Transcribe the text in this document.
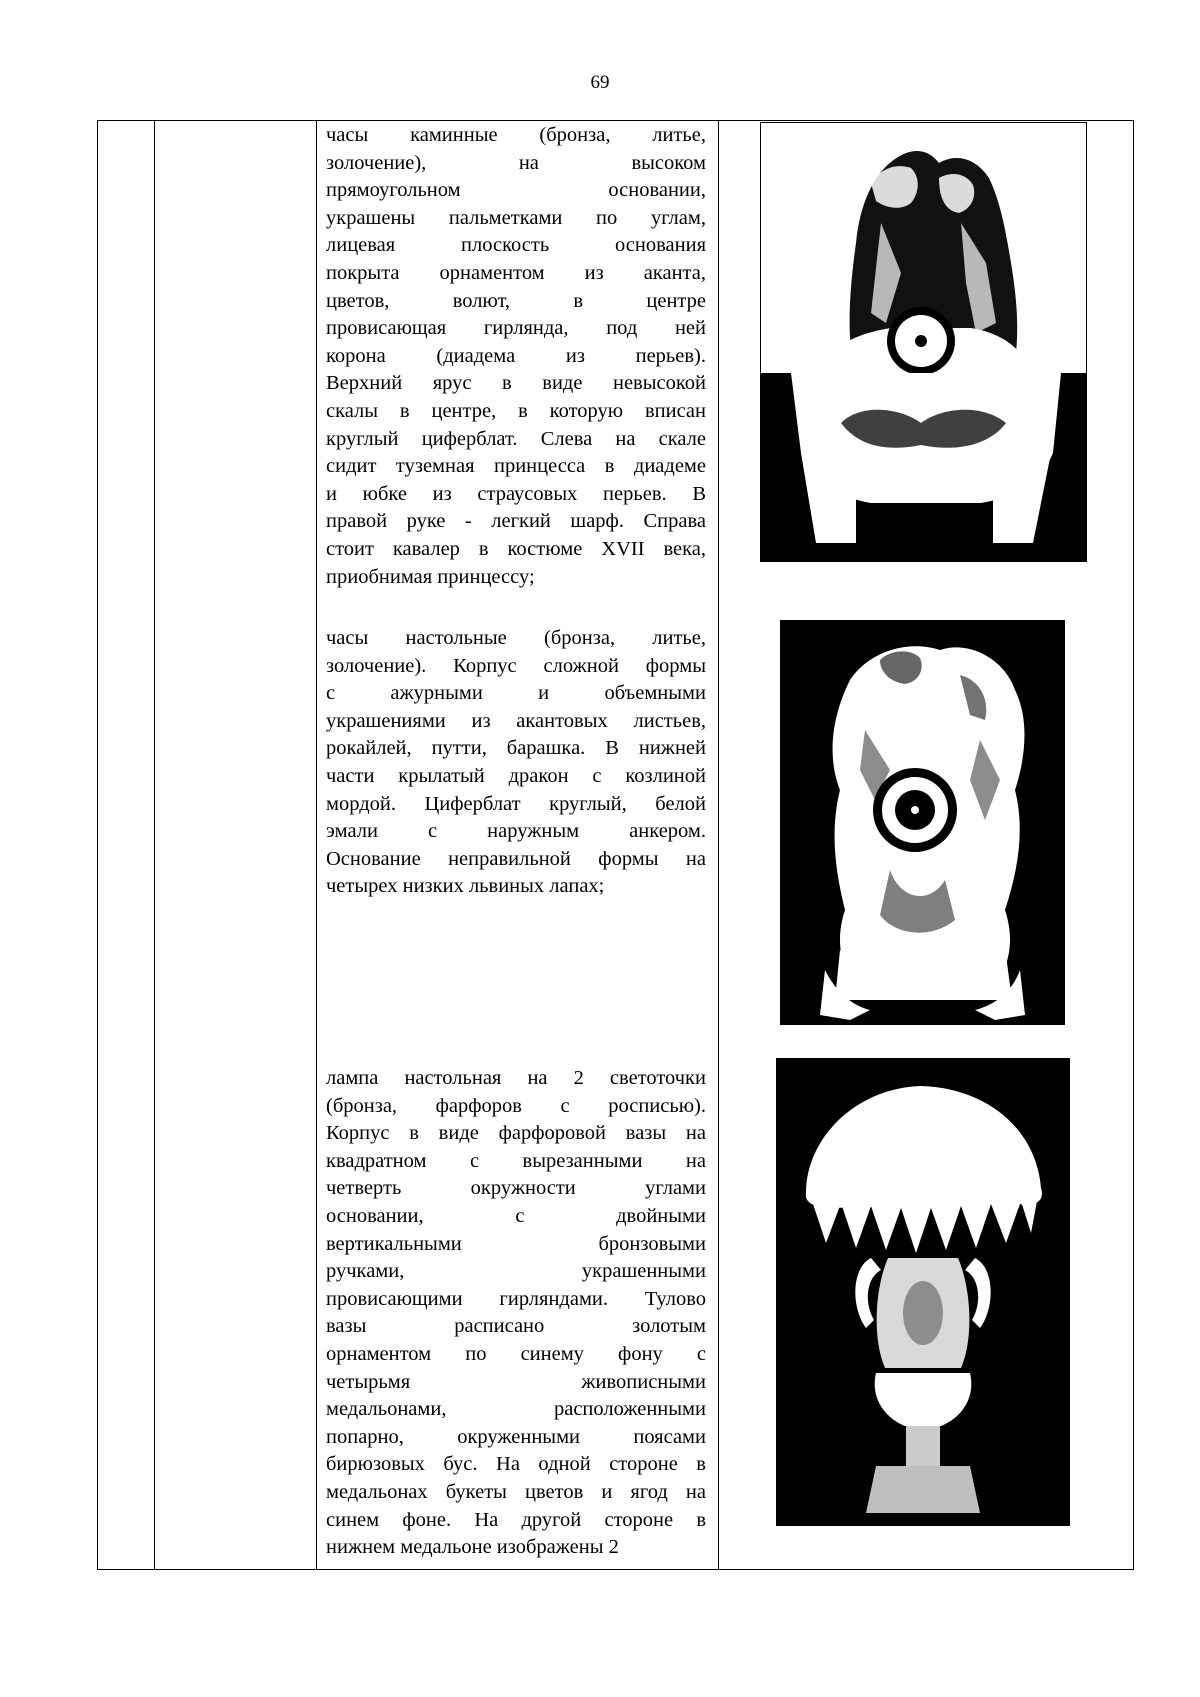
69

часы каминные (бронза, литье,

золочение), на высоком

прямоугольном основании,

украшены пальметками по углам,

лицевая плоскость основания

покрыта орнаментом из аканта,

цветов, волют, в центре

провисающая гирлянда, под ней

корона (диадема из перьев).

Верхний ярус в виде невысокой

скалы в центре, в которую вписан

круглый циферблат. Слева на скале

сидит туземная принцесса в диадеме

и юбке из страусовых перьев. В

правой руке - легкий шарф. Справа

стоит кавалер в костюме XVII века,

приобнимая принцессу;

часы настольные (бронза, литье,

золочение). Корпус сложной формы

с ажурными и объемными

украшениями из акантовых листьев,

рокайлей, путти, барашка. В нижней

части крылатый дракон с козлиной

мордой. Циферблат круглый, белой

эмали с наружным анкером.

Основание неправильной формы на

четырех низких львиных лапах;

лампа настольная на 2 светоточки

(бронза, фарфоров с росписью).

Корпус в виде фарфоровой вазы на

квадратном с вырезанными на

четверть окружности углами

основании, с двойными

вертикальными бронзовыми

ручками, украшенными

провисающими гирляндами. Тулово

вазы расписано золотым

орнаментом по синему фону с

четырьмя живописными

медальонами, расположенными

попарно, окруженными поясами

бирюзовых бус. На одной стороне в

медальонах букеты цветов и ягод на

синем фоне. На другой стороне в

нижнем медальоне изображены 2
